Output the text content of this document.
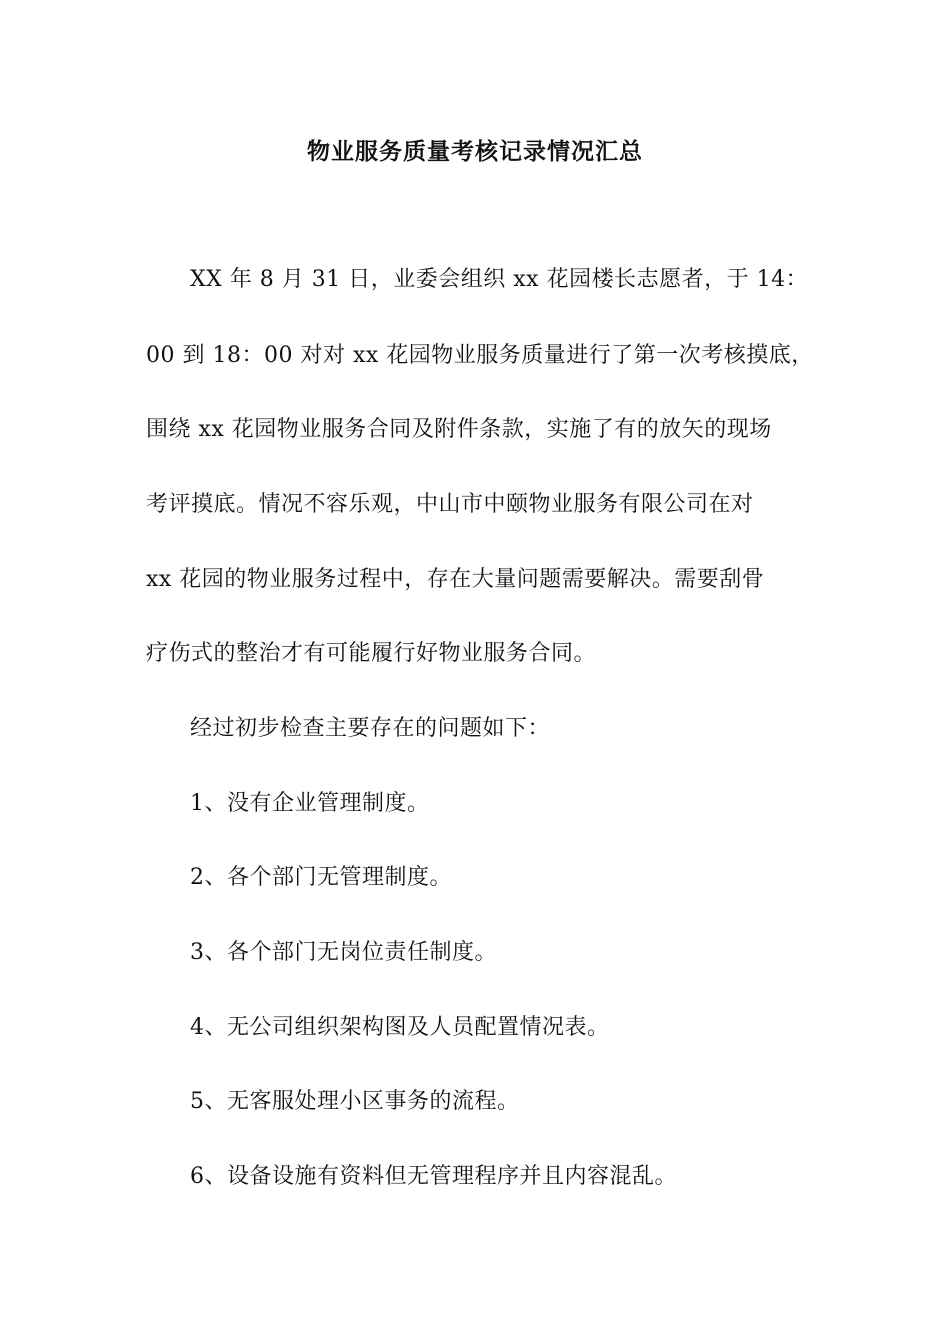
物业服务质量考核记录情况汇总
XX 年 8 月 31 日，业委会组织 xx 花园楼长志愿者，于 14：
00 到 18：00 对对 xx 花园物业服务质量进行了第一次考核摸底，
围绕 xx 花园物业服务合同及附件条款，实施了有的放矢的现场
考评摸底。情况不容乐观，中山市中颐物业服务有限公司在对
xx 花园的物业服务过程中，存在大量问题需要解决。需要刮骨
疗伤式的整治才有可能履行好物业服务合同。
经过初步检查主要存在的问题如下：
1、没有企业管理制度。
2、各个部门无管理制度。
3、各个部门无岗位责任制度。
4、无公司组织架构图及人员配置情况表。
5、无客服处理小区事务的流程。
6、设备设施有资料但无管理程序并且内容混乱。
